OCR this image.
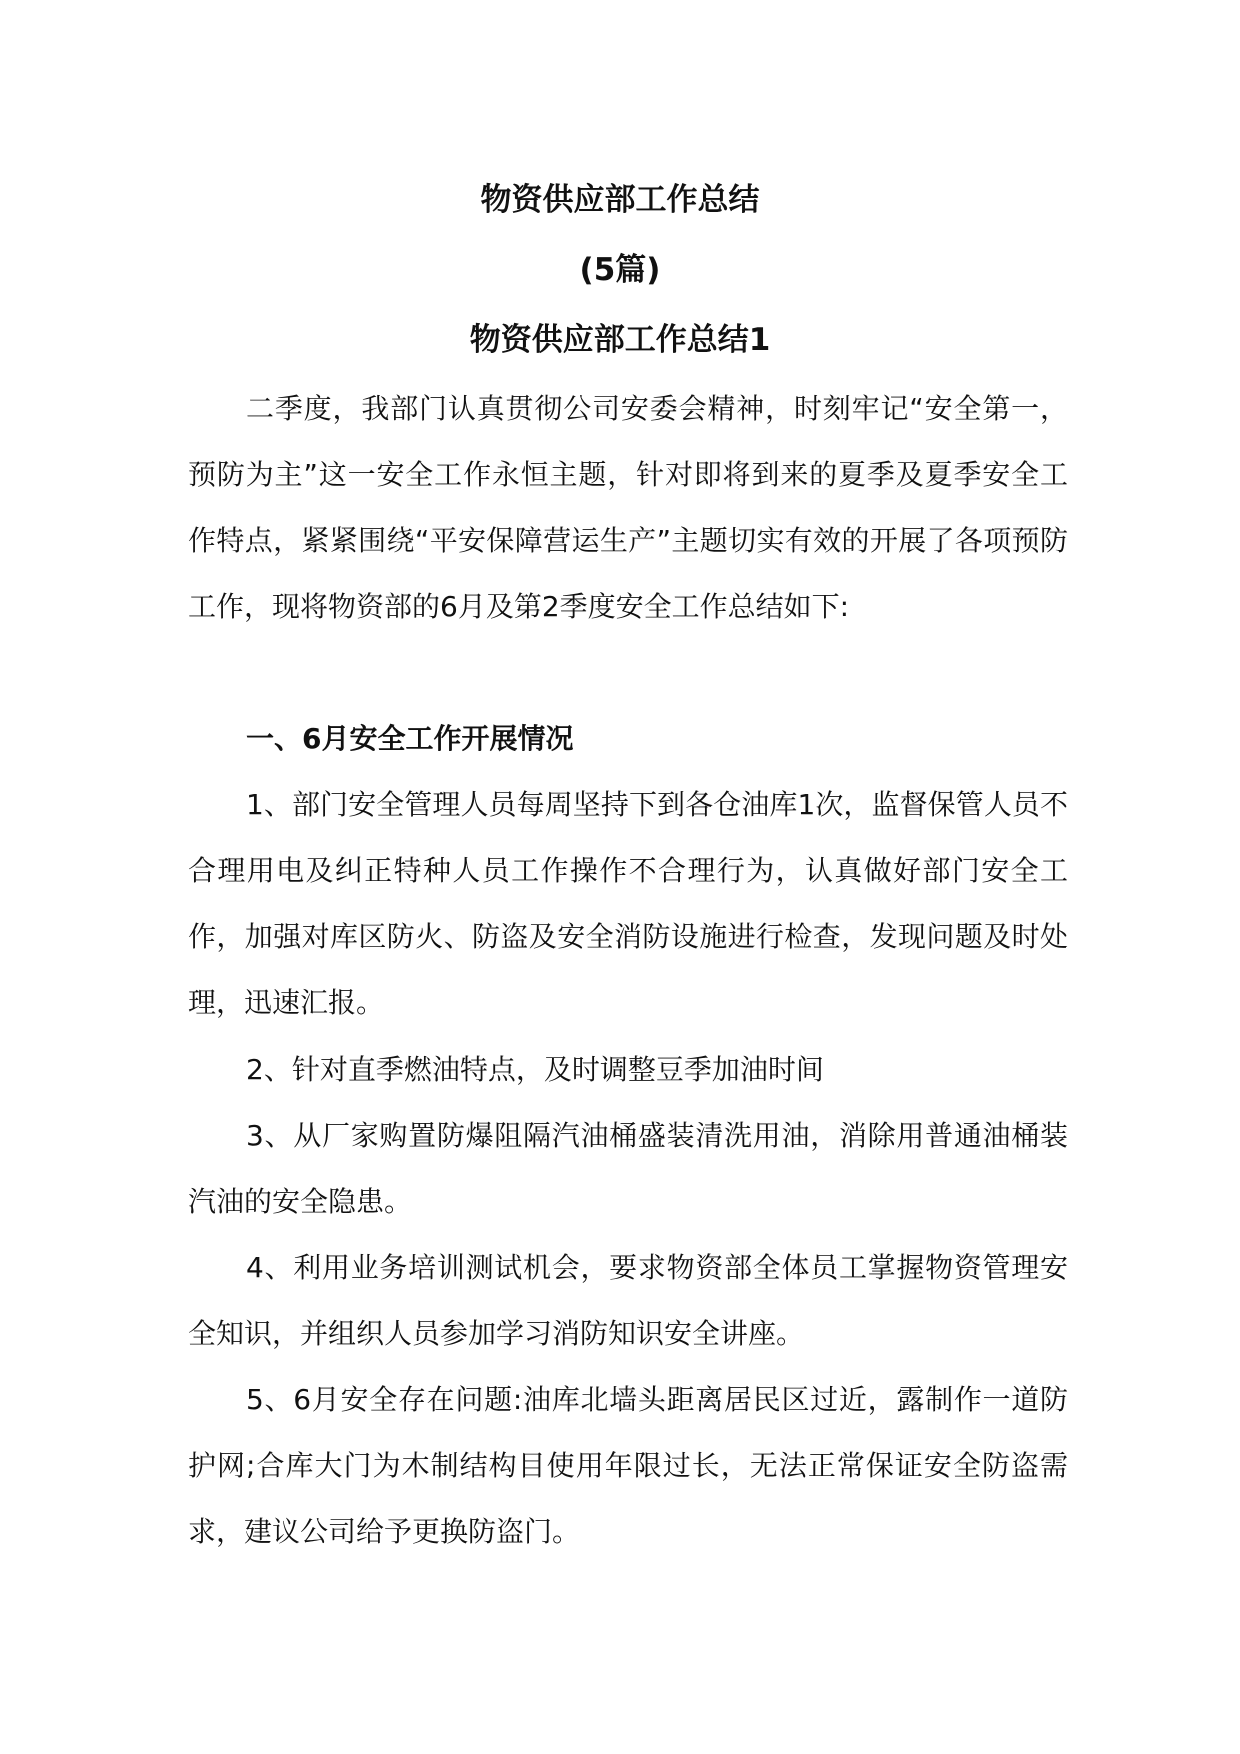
物资供应部工作总结
(5篇)
物资供应部工作总结1

二季度，我部门认真贯彻公司安委会精神，时刻牢记“安全第一，预防为主”这一安全工作永恒主题，针对即将到来的夏季及夏季安全工作特点，紧紧围绕“平安保障营运生产”主题切实有效的开展了各项预防工作，现将物资部的6月及第2季度安全工作总结如下:

一、6月安全工作开展情况

1、部门安全管理人员每周坚持下到各仓油库1次，监督保管人员不合理用电及纠正特种人员工作操作不合理行为，认真做好部门安全工作，加强对库区防火、防盗及安全消防设施进行检查，发现问题及时处理，迅速汇报。

2、针对直季燃油特点，及时调整豆季加油时间

3、从厂家购置防爆阻隔汽油桶盛装清洗用油，消除用普通油桶装汽油的安全隐患。

4、利用业务培训测试机会，要求物资部全体员工掌握物资管理安全知识，并组织人员参加学习消防知识安全讲座。

5、6月安全存在问题:油库北墙头距离居民区过近，露制作一道防护网;合库大门为木制结构目使用年限过长，无法正常保证安全防盗需求，建议公司给予更换防盗门。
